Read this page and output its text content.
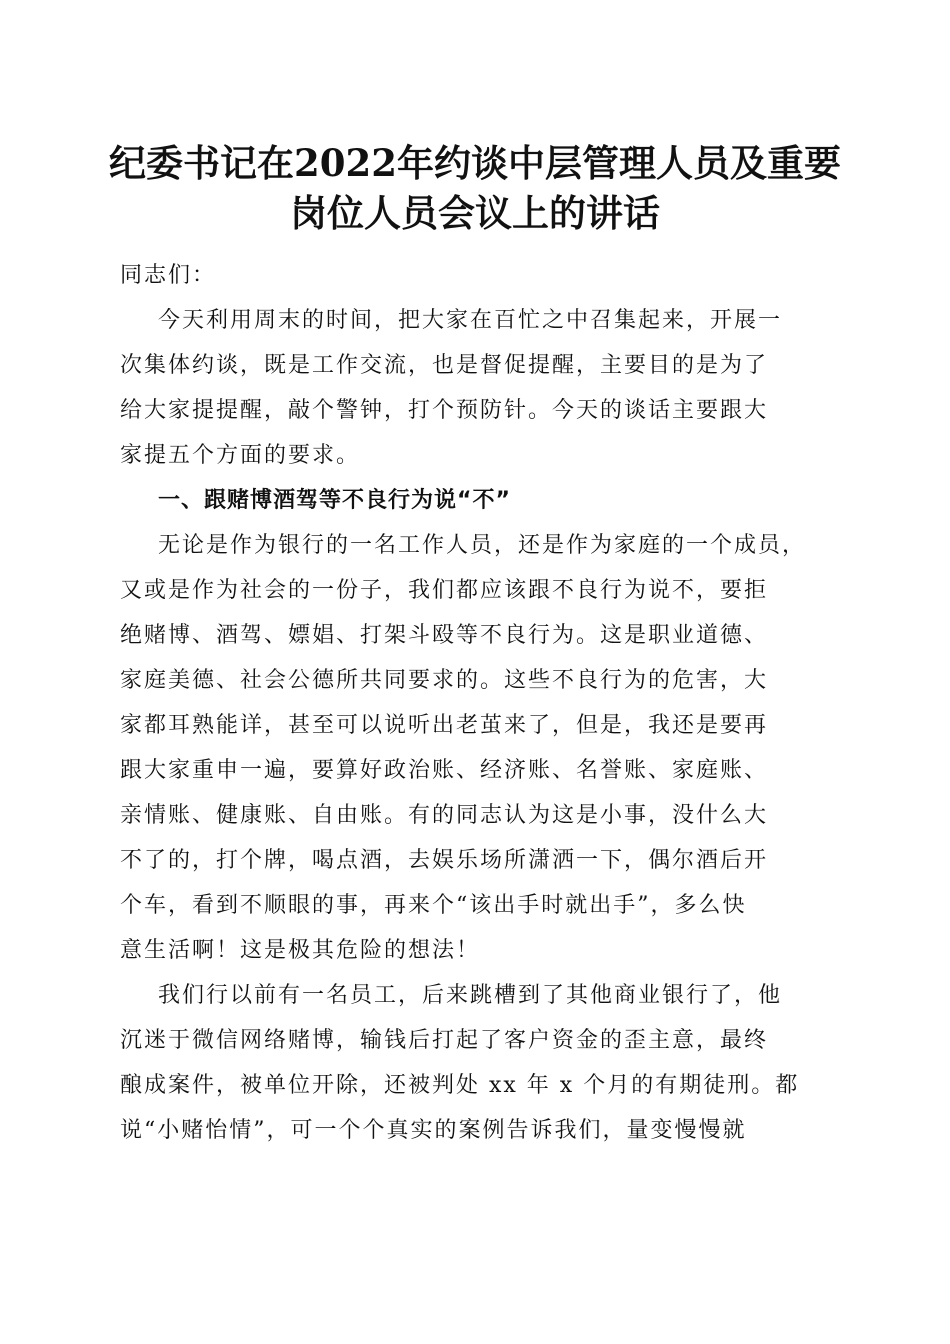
纪委书记在2022年约谈中层管理人员及重要
岗位人员会议上的讲话
同志们：
今天利用周末的时间，把大家在百忙之中召集起来，开展一
次集体约谈，既是工作交流，也是督促提醒，主要目的是为了
给大家提提醒，敲个警钟，打个预防针。今天的谈话主要跟大
家提五个方面的要求。
一、跟赌博酒驾等不良行为说“不”
无论是作为银行的一名工作人员，还是作为家庭的一个成员，
又或是作为社会的一份子，我们都应该跟不良行为说不，要拒
绝赌博、酒驾、嫖娼、打架斗殴等不良行为。这是职业道德、
家庭美德、社会公德所共同要求的。这些不良行为的危害，大
家都耳熟能详，甚至可以说听出老茧来了，但是，我还是要再
跟大家重申一遍，要算好政治账、经济账、名誉账、家庭账、
亲情账、健康账、自由账。有的同志认为这是小事，没什么大
不了的，打个牌，喝点酒，去娱乐场所潇洒一下，偶尔酒后开
个车，看到不顺眼的事，再来个“该出手时就出手”，多么快
意生活啊！这是极其危险的想法！
我们行以前有一名员工，后来跳槽到了其他商业银行了，他
沉迷于微信网络赌博，输钱后打起了客户资金的歪主意，最终
酿成案件，被单位开除，还被判处 xx 年 x 个月的有期徒刑。都
说“小赌怡情”，可一个个真实的案例告诉我们，量变慢慢就
